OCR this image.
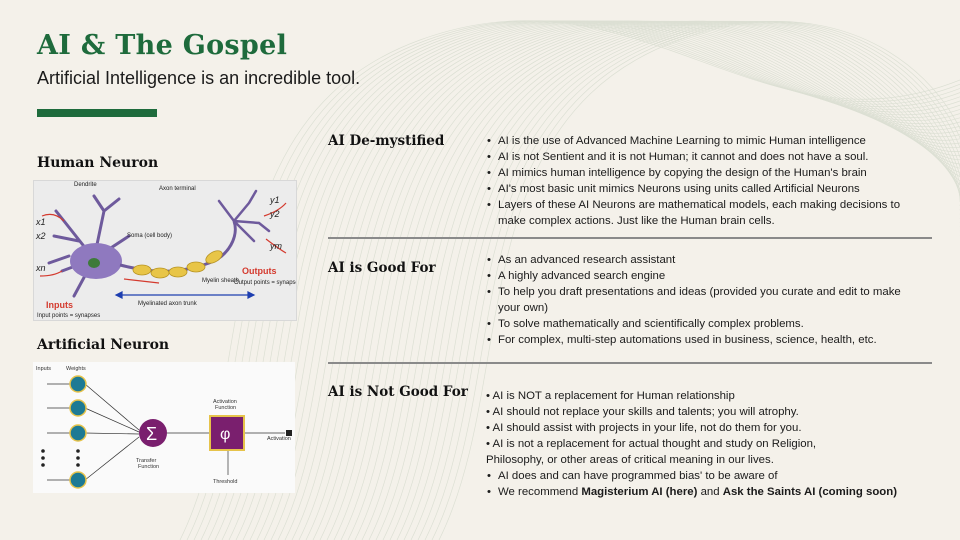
AI & The Gospel
Artificial Intelligence is an incredible tool.
Human Neuron
Dendrite
Axon terminal
Soma (cell body)
Myelin sheath
Myelinated axon trunk
Input points = synapses
Output points = synapses
x1
x2
xn
y1
y2
ym
Inputs
Outputs
Artificial Neuron
Inputs	Weights
Transfer
Function
Activation
Function
Threshold
Activation
Σ	φ
AI De-mystified	• AI is the use of Advanced Machine Learning to mimic Human intelligence
• AI is not Sentient and it is not Human; it cannot and does not have a soul.
• AI mimics human intelligence by copying the design of the Human's brain
• AI's most basic unit mimics Neurons using units called Artificial Neurons
• Layers of these AI Neurons are mathematical models, each making decisions to make complex actions. Just like the Human brain cells.
AI is Good For	• As an advanced research assistant
• A highly advanced search engine
• To help you draft presentations and ideas (provided you curate and edit to make your own)
• To solve mathematically and scientifically complex problems.
• For complex, multi-step automations used in business, science, health, etc.
AI is Not Good For • AI is NOT a replacement for Human relationship
• AI should not replace your skills and talents; you will atrophy.
• AI should assist with projects in your life, not do them for you.
• AI is not a replacement for actual thought and study on Religion,
Philosophy, or other areas of critical meaning in our lives.
• AI does and can have programmed bias' to be aware of
• We recommend Magisterium AI (here) and Ask the Saints AI (coming soon)
